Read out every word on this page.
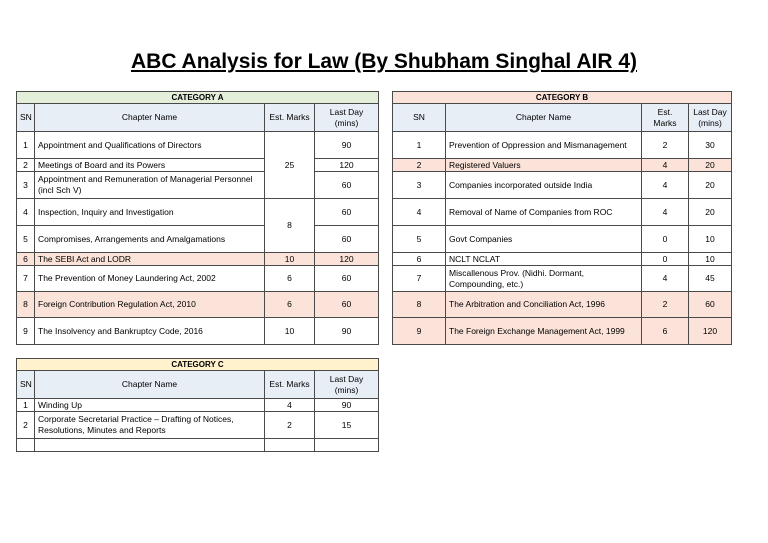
ABC Analysis for Law (By Shubham Singhal AIR 4)
CATEGORY A			
SN	Chapter Name	Est. Marks	Last Day (mins)
1	Appointment and Qualifications of Directors	25	90
2	Meetings of Board and its Powers		120
3	Appointment and Remuneration of Managerial Personnel (incl Sch V)		60
4	Inspection, Inquiry and Investigation	8	60
5	Compromises, Arrangements and Amalgamations		60
6	The SEBI Act and LODR	10	120
7	The Prevention of Money Laundering Act, 2002	6	60
8	Foreign Contribution Regulation Act, 2010	6	60
9	The Insolvency and Bankruptcy Code, 2016	10	90
CATEGORY B			
SN	Chapter Name	Est. Marks	Last Day (mins)
1	Prevention of Oppression and Mismanagement	2	30
2	Registered Valuers	4	20
3	Companies incorporated outside India	4	20
4	Removal of Name of Companies from ROC	4	20
5	Govt Companies	0	10
6	NCLT NCLAT	0	10
7	Miscallenous Prov. (Nidhi. Dormant, Compounding, etc.)	4	45
8	The Arbitration and Conciliation Act, 1996	2	60
9	The Foreign Exchange Management Act, 1999	6	120
CATEGORY C			
SN	Chapter Name	Est. Marks	Last Day (mins)
1	Winding Up	4	90
2	Corporate Secretarial Practice – Drafting of Notices, Resolutions, Minutes and Reports	2	15
